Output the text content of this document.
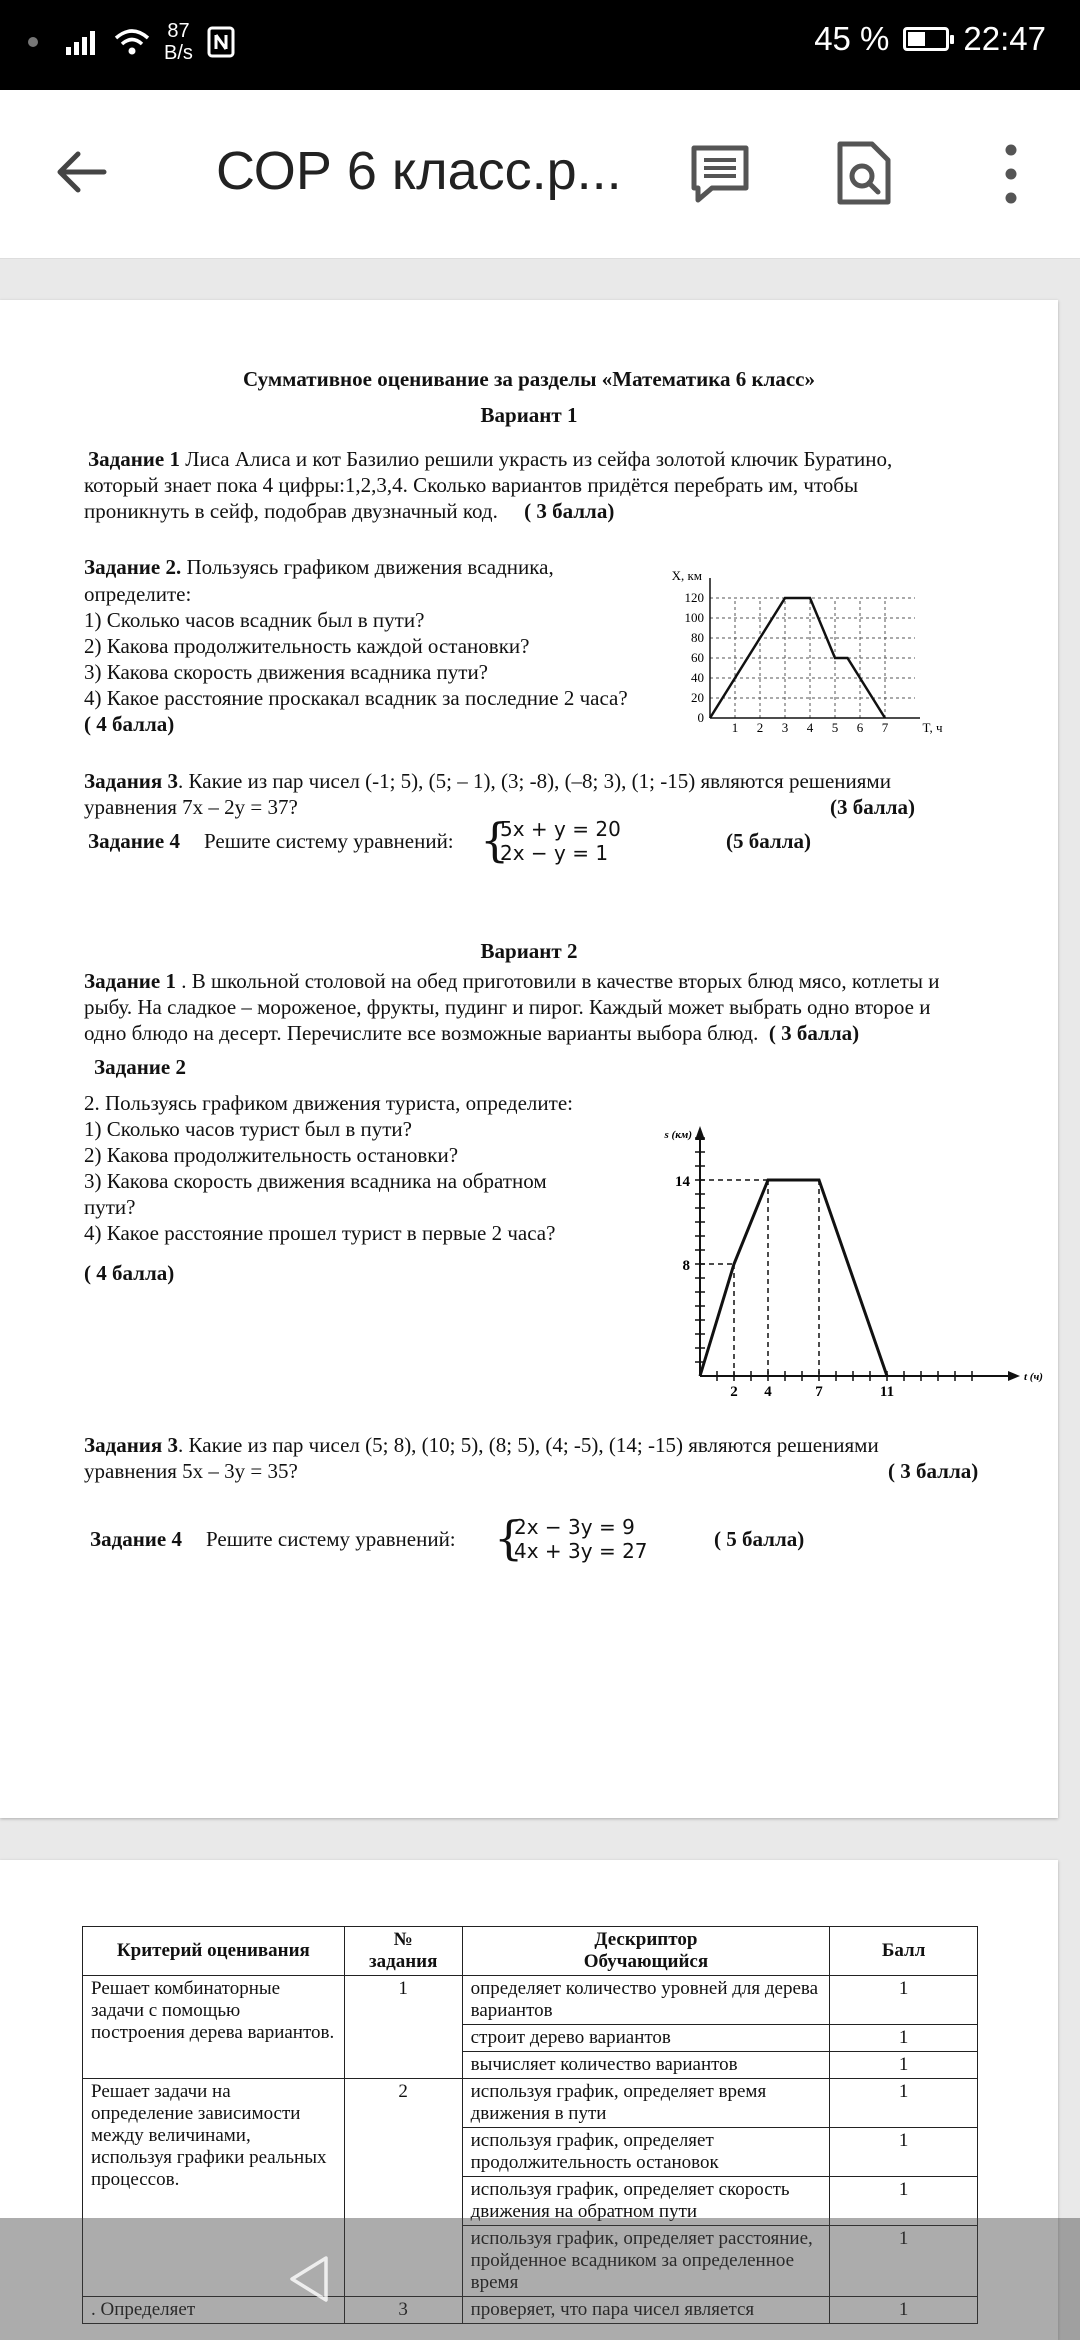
87
B/s	45 % 22:47
СОР 6 класс.р...
Суммативное оценивание за разделы «Математика 6 класс»
Вариант 1
Задание 1 Лиса Алиса и кот Базилио решили украсть из сейфа золотой ключик Буратино,
который знает пока 4 цифры:1,2,3,4. Сколько вариантов придётся перебрать им, чтобы
проникнуть в сейф, подобрав двузначный код. ( 3 балла)
Задание 2. Пользуясь графиком движения всадника,
определите:
1) Сколько часов всадник был в пути?
2) Какова продолжительность каждой остановки?
3) Какова скорость движения всадника пути?
4) Какое расстояние проскакал всадник за последние 2 часа?
( 4 балла)	0
20
40
60
80
100
120
1 2 3 4 5 6 7
X, км
T, ч
Задания 3. Какие из пар чисел (-1; 5), (5; – 1), (3; -8), (–8; 3), (1; -15) являются решениями
уравнения 7x – 2y = 37?	(3 балла)
Задание 4 Решите систему уравнений: {
5x + y = 20
2x − y = 1	(5 балла)
Вариант 2
Задание 1 . В школьной столовой на обед приготовили в качестве вторых блюд мясо, котлеты и
рыбу. На сладкое – мороженое, фрукты, пудинг и пирог. Каждый может выбрать одно второе и
одно блюдо на десерт. Перечислите все возможные варианты выбора блюд. ( 3 балла)
Задание 2
2. Пользуясь графиком движения туриста, определите:
1) Сколько часов турист был в пути?
2) Какова продолжительность остановки?
3) Какова скорость движения всадника на обратном
пути?
4) Какое расстояние прошел турист в первые 2 часа?
( 4 балла)	8
14
2 4	7	11
s (км)
t (ч)
Задания 3. Какие из пар чисел (5; 8), (10; 5), (8; 5), (4; -5), (14; -15) являются решениями
уравнения 5x – 3y = 35?	( 3 балла)
Задание 4 Решите систему уравнений: {
2x − 3y = 9
4x + 3y = 27	( 5 балла)
Критерий оценивания	№
задания	Дескриптор
Обучающийся	Балл
Решает комбинаторные задачи с помощью построения дерева вариантов.	1	определяет количество уровней для дерева вариантов	1
		строит дерево вариантов	1
		вычисляет количество вариантов	1
Решает задачи на определение зависимости между величинами, используя графики реальных процессов.	2	используя график, определяет время движения в пути	1
		используя график, определяет продолжительность остановок	1
		используя график, определяет скорость движения на обратном пути	1
		используя график, определяет расстояние, пройденное всадником за определенное время	1
. Определяет	3	проверяет, что пара чисел является	1
